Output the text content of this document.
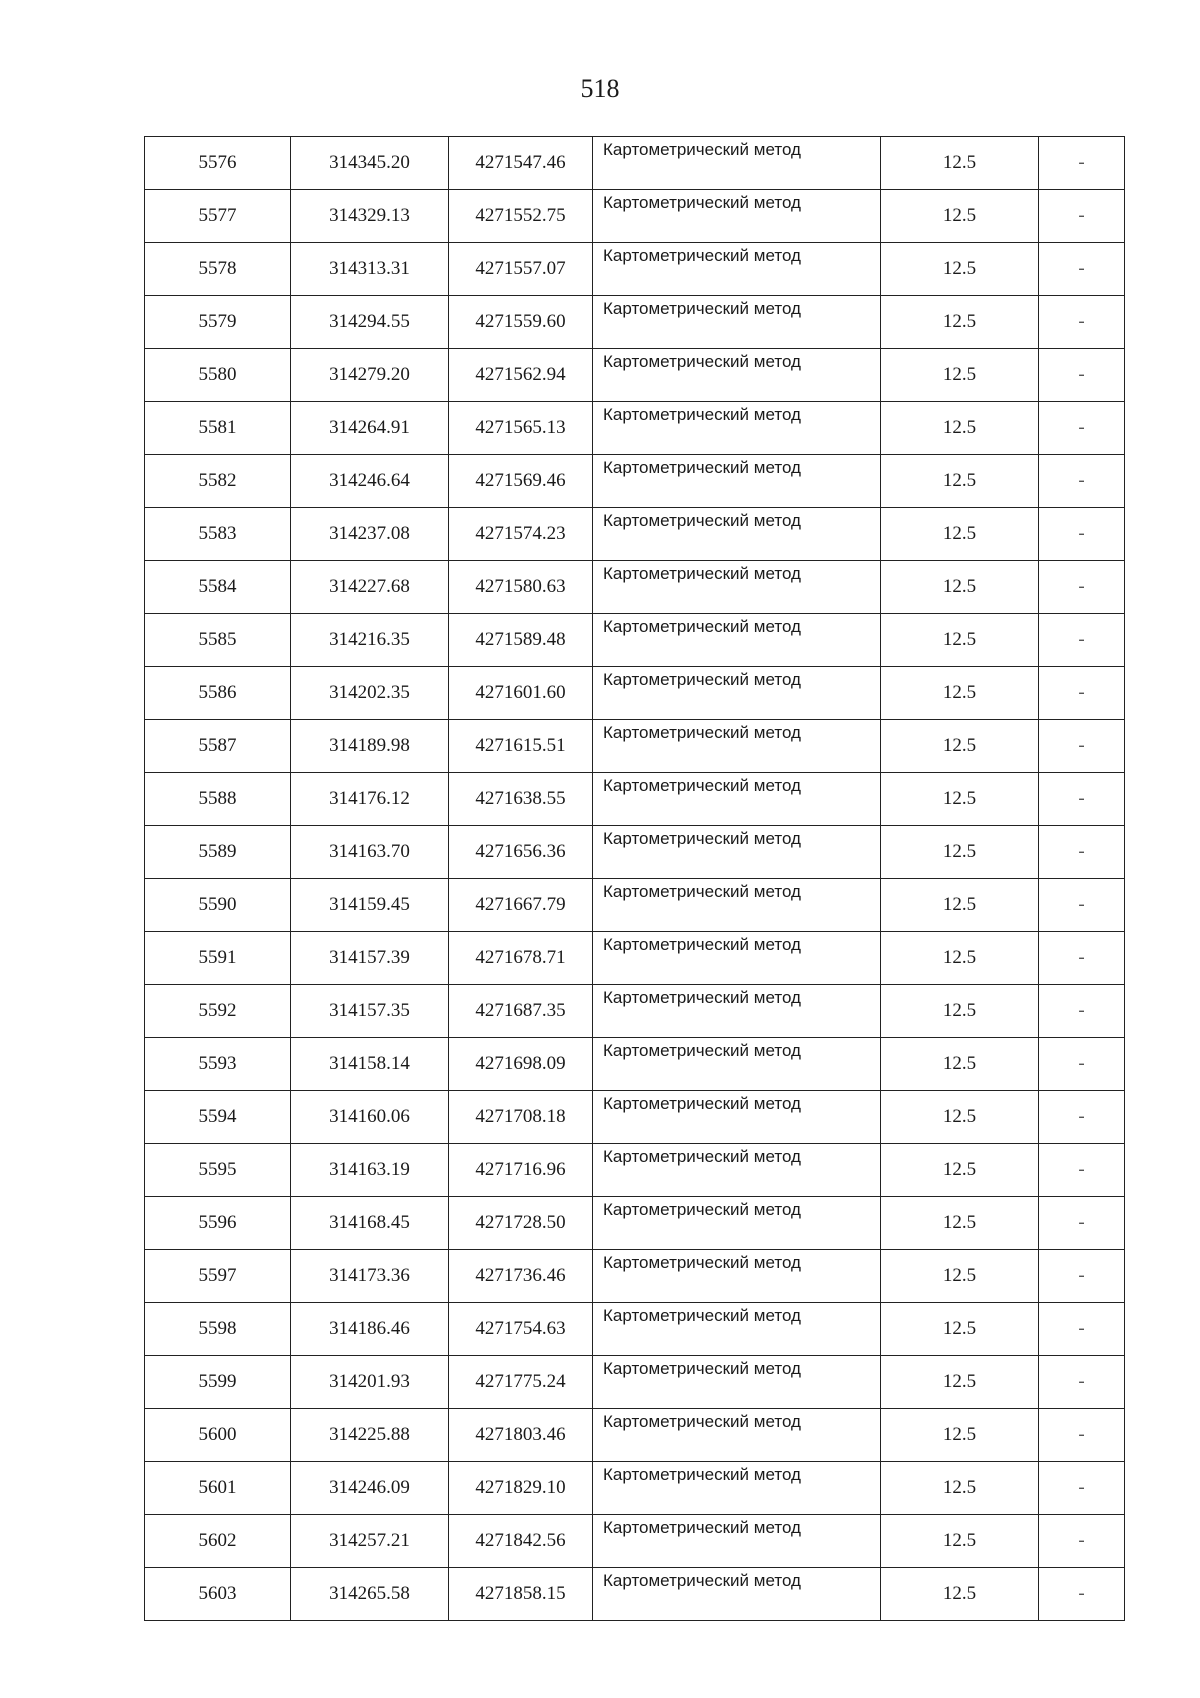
518
5576	314345.20	4271547.46	Картометрический метод	12.5	-
5577	314329.13	4271552.75	Картометрический метод	12.5	-
5578	314313.31	4271557.07	Картометрический метод	12.5	-
5579	314294.55	4271559.60	Картометрический метод	12.5	-
5580	314279.20	4271562.94	Картометрический метод	12.5	-
5581	314264.91	4271565.13	Картометрический метод	12.5	-
5582	314246.64	4271569.46	Картометрический метод	12.5	-
5583	314237.08	4271574.23	Картометрический метод	12.5	-
5584	314227.68	4271580.63	Картометрический метод	12.5	-
5585	314216.35	4271589.48	Картометрический метод	12.5	-
5586	314202.35	4271601.60	Картометрический метод	12.5	-
5587	314189.98	4271615.51	Картометрический метод	12.5	-
5588	314176.12	4271638.55	Картометрический метод	12.5	-
5589	314163.70	4271656.36	Картометрический метод	12.5	-
5590	314159.45	4271667.79	Картометрический метод	12.5	-
5591	314157.39	4271678.71	Картометрический метод	12.5	-
5592	314157.35	4271687.35	Картометрический метод	12.5	-
5593	314158.14	4271698.09	Картометрический метод	12.5	-
5594	314160.06	4271708.18	Картометрический метод	12.5	-
5595	314163.19	4271716.96	Картометрический метод	12.5	-
5596	314168.45	4271728.50	Картометрический метод	12.5	-
5597	314173.36	4271736.46	Картометрический метод	12.5	-
5598	314186.46	4271754.63	Картометрический метод	12.5	-
5599	314201.93	4271775.24	Картометрический метод	12.5	-
5600	314225.88	4271803.46	Картометрический метод	12.5	-
5601	314246.09	4271829.10	Картометрический метод	12.5	-
5602	314257.21	4271842.56	Картометрический метод	12.5	-
5603	314265.58	4271858.15	Картометрический метод	12.5	-
